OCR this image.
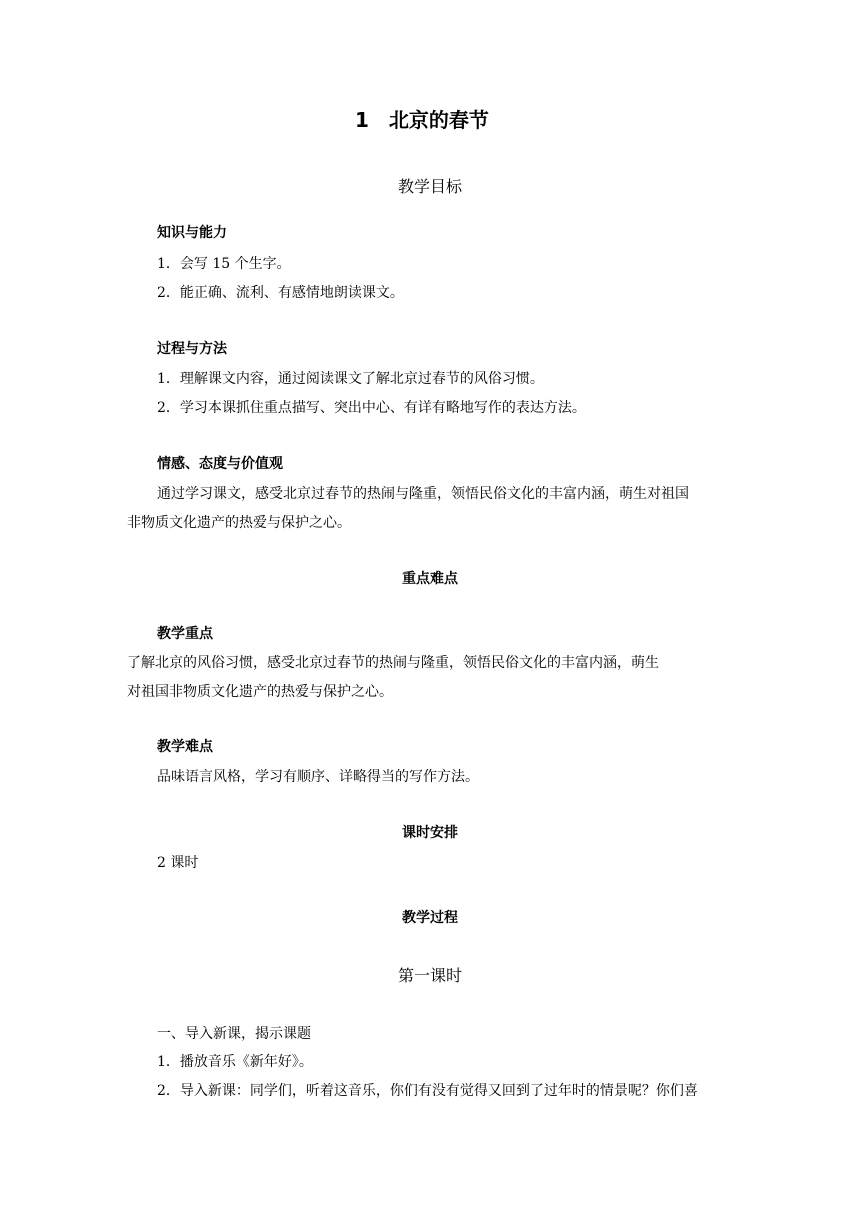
1　北京的春节
教学目标
知识与能力
1．会写 15 个生字。
2．能正确、流利、有感情地朗读课文。
过程与方法
1．理解课文内容，通过阅读课文了解北京过春节的风俗习惯。
2．学习本课抓住重点描写、突出中心、有详有略地写作的表达方法。
情感、态度与价值观
通过学习课文，感受北京过春节的热闹与隆重，领悟民俗文化的丰富内涵，萌生对祖国
非物质文化遗产的热爱与保护之心。
重点难点
教学重点
了解北京的风俗习惯，感受北京过春节的热闹与隆重，领悟民俗文化的丰富内涵，萌生
对祖国非物质文化遗产的热爱与保护之心。
教学难点
品味语言风格，学习有顺序、详略得当的写作方法。
课时安排
2 课时
教学过程
第一课时
一、导入新课，揭示课题
1．播放音乐《新年好》。
2．导入新课：同学们，听着这音乐，你们有没有觉得又回到了过年时的情景呢？你们喜
